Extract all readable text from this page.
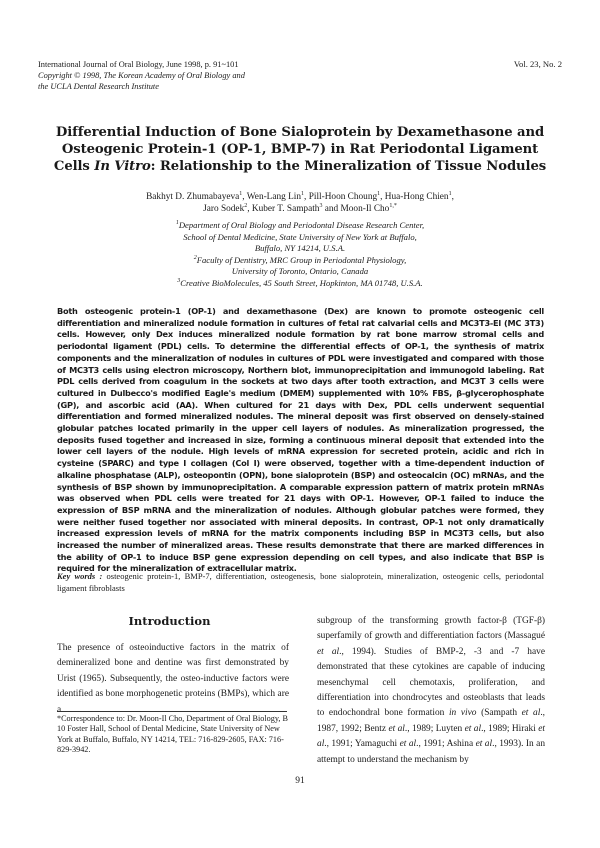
International Journal of Oral Biology, June 1998, p. 91~101
Copyright © 1998, The Korean Academy of Oral Biology and
the UCLA Dental Research Institute
Vol. 23, No. 2
Differential Induction of Bone Sialoprotein by Dexamethasone and
Osteogenic Protein-1 (OP-1, BMP-7) in Rat Periodontal Ligament
Cells In Vitro: Relationship to the Mineralization of Tissue Nodules
Bakhyt D. Zhumabayeva$^1$, Wen-Lang Lin$^1$, Pill-Hoon Choung$^1$, Hua-Hong Chien$^1$,
Jaro Sodek$^2$, Kuber T. Sampath$^3$ and Moon-Il Cho$^{1,*}$
$^1$Department of Oral Biology and Periodontal Disease Research Center,
School of Dental Medicine, State University of New York at Buffalo,
Buffalo, NY 14214, U.S.A.
$^2$Faculty of Dentistry, MRC Group in Periodontal Physiology,
University of Toronto, Ontario, Canada
$^3$Creative BioMolecules, 45 South Street, Hopkinton, MA 01748, U.S.A.
Both osteogenic protein-1 (OP-1) and dexamethasone (Dex) are known to promote osteogenic cell differentiation and mineralized nodule formation in cultures of fetal rat calvarial cells and MC3T3-El (MC 3T3) cells. However, only Dex induces mineralized nodule formation by rat bone marrow stromal cells and periodontal ligament (PDL) cells. To determine the differential effects of OP-1, the synthesis of matrix components and the mineralization of nodules in cultures of PDL were investigated and compared with those of MC3T3 cells using electron microscopy, Northern blot, immunoprecipitation and immunogold labeling. Rat PDL cells derived from coagulum in the sockets at two days after tooth extraction, and MC3T 3 cells were cultured in Dulbecco's modified Eagle's medium (DMEM) supplemented with 10% FBS, β-glycerophosphate (GP), and ascorbic acid (AA). When cultured for 21 days with Dex, PDL cells underwent sequential differentiation and formed mineralized nodules. The mineral deposit was first observed on densely-stained globular patches located primarily in the upper cell layers of nodules. As mineralization progressed, the deposits fused together and increased in size, forming a continuous mineral deposit that extended into the lower cell layers of the nodule. High levels of mRNA expression for secreted protein, acidic and rich in cysteine (SPARC) and type I collagen (Col I) were observed, together with a time-dependent induction of alkaline phosphatase (ALP), osteopontin (OPN), bone sialoprotein (BSP) and osteocalcin (OC) mRNAs, and the synthesis of BSP shown by immunoprecipitation. A comparable expression pattern of matrix protein mRNAs was observed when PDL cells were treated for 21 days with OP-1. However, OP-1 failed to induce the expression of BSP mRNA and the mineralization of nodules. Although globular patches were formed, they were neither fused together nor associated with mineral deposits. In contrast, OP-1 not only dramatically increased expression levels of mRNA for the matrix components including BSP in MC3T3 cells, but also increased the number of mineralized areas. These results demonstrate that there are marked differences in the ability of OP-1 to induce BSP gene expression depending on cell types, and also indicate that BSP is required for the mineralization of extracellular matrix.
Key words : osteogenic protein-1, BMP-7, differentiation, osteogenesis, bone sialoprotein, mineralization, osteogenic cells, periodontal ligament fibroblasts
Introduction
The presence of osteoinductive factors in the matrix of demineralized bone and dentine was first demonstrated by Urist (1965). Subsequently, the osteo-inductive factors were identified as bone morphogenetic proteins (BMPs), which are a
*Correspondence to: Dr. Moon-Il Cho, Department of Oral Biology, B 10 Foster Hall, School of Dental Medicine, State University of New York at Buffalo, Buffalo, NY 14214, TEL: 716-829-2605, FAX: 716-829-3942.
subgroup of the transforming growth factor-β (TGF-β) superfamily of growth and differentiation factors (Massagué et al., 1994). Studies of BMP-2, -3 and -7 have demonstrated that these cytokines are capable of inducing mesenchymal cell chemotaxis, proliferation, and differentiation into chondrocytes and osteoblasts that leads to endochondral bone formation in vivo (Sampath et al., 1987, 1992; Bentz et al., 1989; Luyten et al., 1989; Hiraki et al., 1991; Yamaguchi et al., 1991; Ashina et al., 1993). In an attempt to understand the mechanism by
91
